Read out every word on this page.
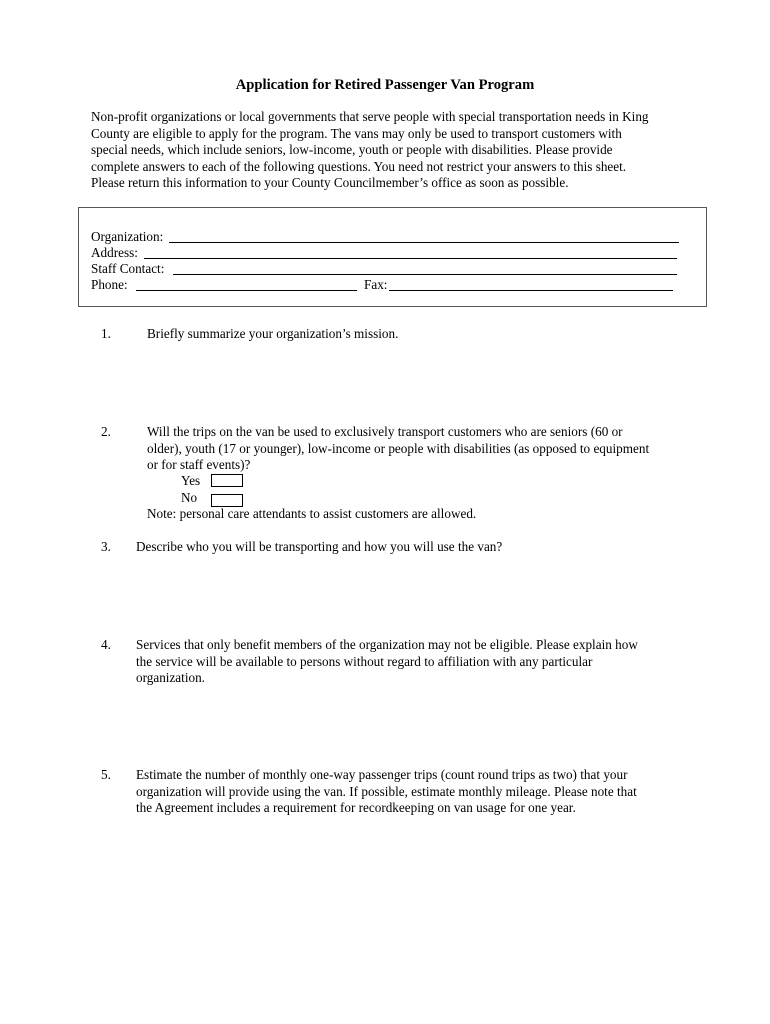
Application for Retired Passenger Van Program
Non-profit organizations or local governments that serve people with special transportation needs in King
County are eligible to apply for the program. The vans may only be used to transport customers with
special needs, which include seniors, low-income, youth or people with disabilities. Please provide
complete answers to each of the following questions. You need not restrict your answers to this sheet.
Please return this information to your County Councilmember’s office as soon as possible.
Organization:
Address:
Staff Contact:
Phone:	Fax:
1.	Briefly summarize your organization’s mission.
2.	Will the trips on the van be used to exclusively transport customers who are seniors (60 or
older), youth (17 or younger), low-income or people with disabilities (as opposed to equipment
or for staff events)?
Yes
No
Note: personal care attendants to assist customers are allowed.
3. Describe who you will be transporting and how you will use the van?
4. Services that only benefit members of the organization may not be eligible. Please explain how
the service will be available to persons without regard to affiliation with any particular
organization.
5. Estimate the number of monthly one-way passenger trips (count round trips as two) that your
organization will provide using the van. If possible, estimate monthly mileage. Please note that
the Agreement includes a requirement for recordkeeping on van usage for one year.
